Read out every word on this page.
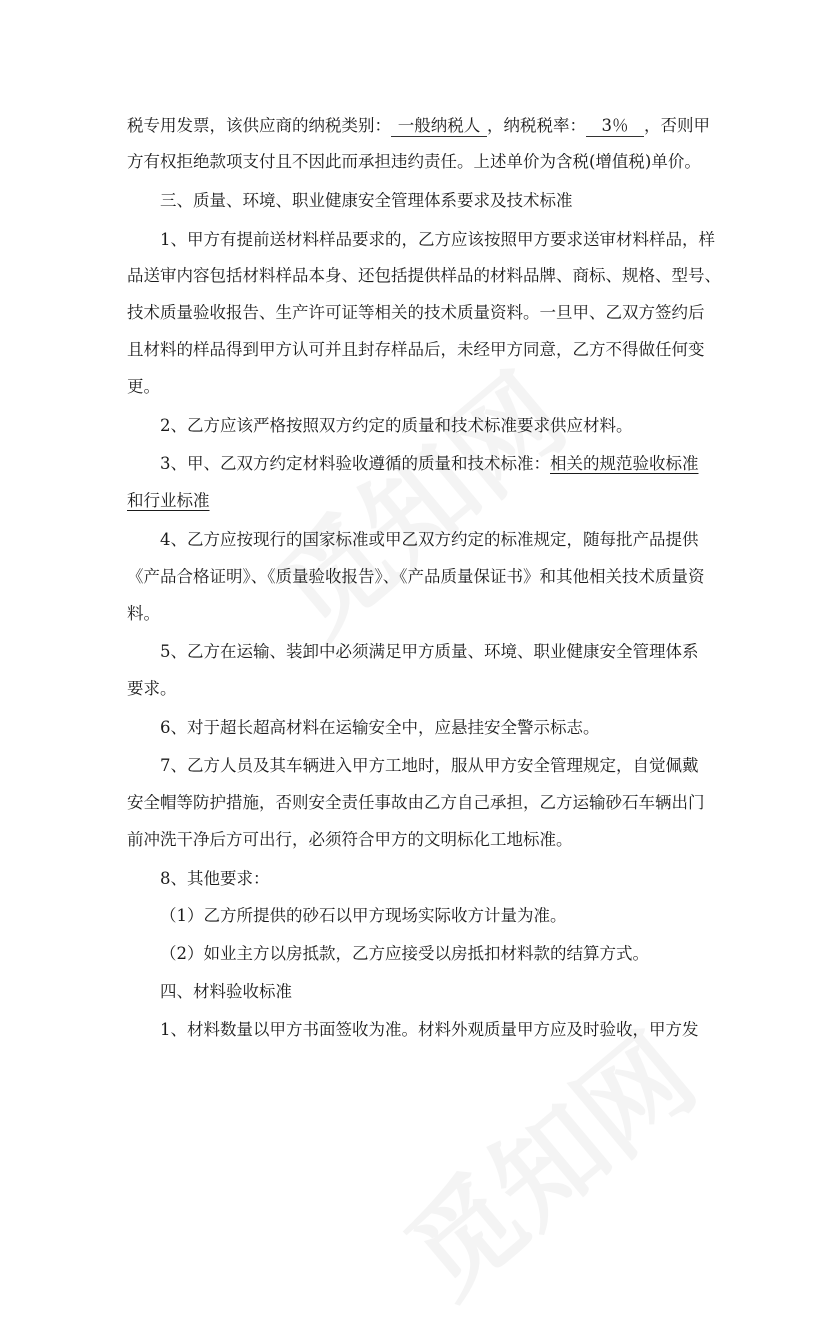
税专用发票，该供应商的纳税类别： 一般纳税人 ，纳税税率： 3％ ，否则甲
方有权拒绝款项支付且不因此而承担违约责任。上述单价为含税(增值税)单价。
三、质量、环境、职业健康安全管理体系要求及技术标准
1、甲方有提前送材料样品要求的，乙方应该按照甲方要求送审材料样品，样
品送审内容包括材料样品本身、还包括提供样品的材料品牌、商标、规格、型号、
技术质量验收报告、生产许可证等相关的技术质量资料。一旦甲、乙双方签约后
且材料的样品得到甲方认可并且封存样品后，未经甲方同意，乙方不得做任何变
更。
2、乙方应该严格按照双方约定的质量和技术标准要求供应材料。
3、甲、乙双方约定材料验收遵循的质量和技术标准：相关的规范验收标准
和行业标准
4、乙方应按现行的国家标准或甲乙双方约定的标准规定，随每批产品提供
《产品合格证明》、《质量验收报告》、《产品质量保证书》和其他相关技术质量资
料。
5、乙方在运输、装卸中必须满足甲方质量、环境、职业健康安全管理体系
要求。
6、对于超长超高材料在运输安全中，应悬挂安全警示标志。
7、乙方人员及其车辆进入甲方工地时，服从甲方安全管理规定，自觉佩戴
安全帽等防护措施，否则安全责任事故由乙方自己承担，乙方运输砂石车辆出门
前冲洗干净后方可出行，必须符合甲方的文明标化工地标准。
8、其他要求：
（1）乙方所提供的砂石以甲方现场实际收方计量为准。
（2）如业主方以房抵款，乙方应接受以房抵扣材料款的结算方式。
四、材料验收标准
1、材料数量以甲方书面签收为准。材料外观质量甲方应及时验收，甲方发
